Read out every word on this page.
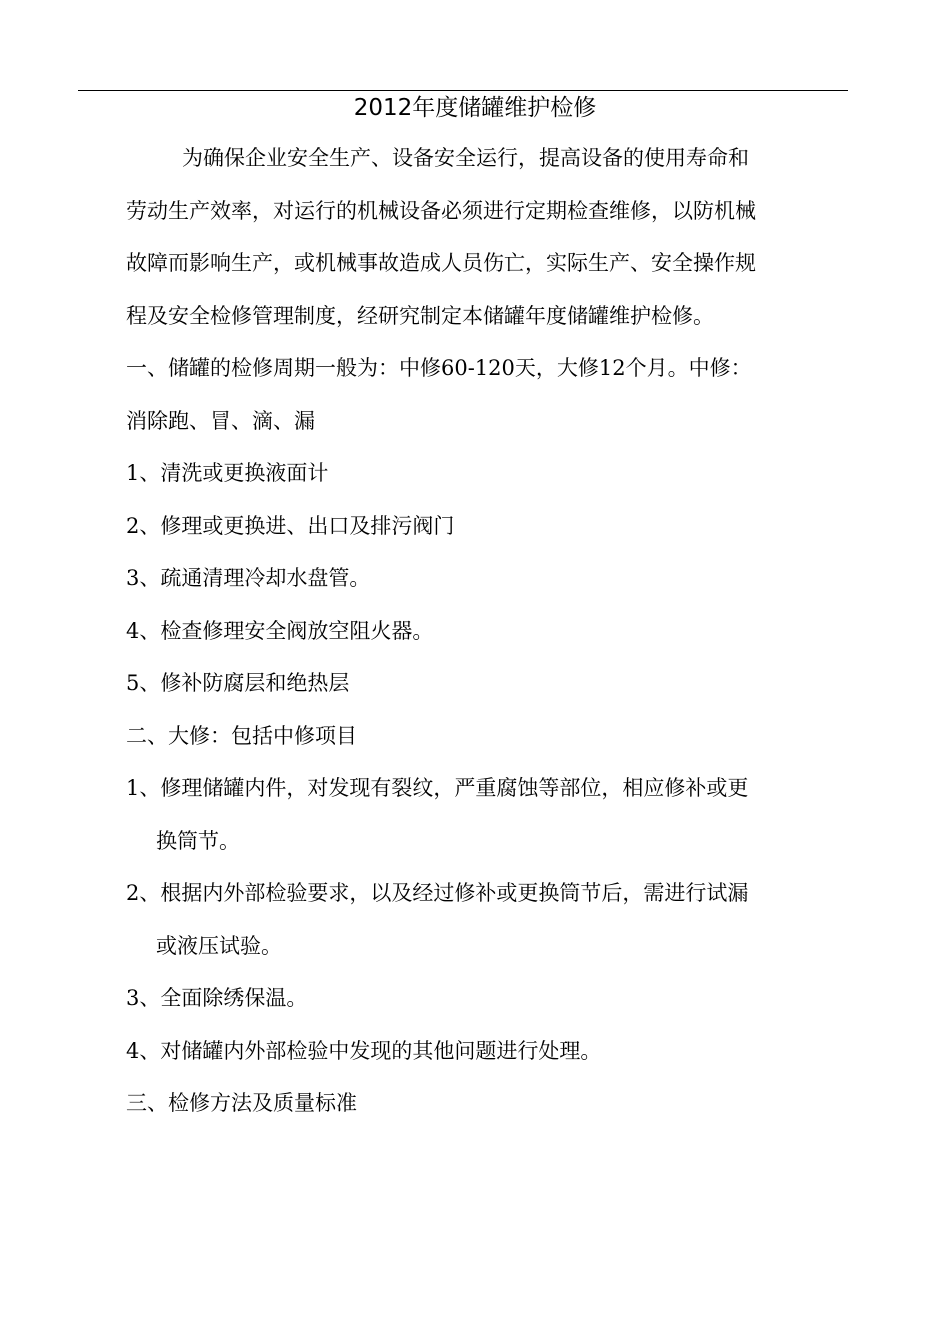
2012年度储罐维护检修
为确保企业安全生产、设备安全运行，提高设备的使用寿命和
劳动生产效率，对运行的机械设备必须进行定期检查维修，以防机械
故障而影响生产，或机械事故造成人员伤亡，实际生产、安全操作规
程及安全检修管理制度，经研究制定本储罐年度储罐维护检修。
一、储罐的检修周期一般为：中修60-120天，大修12个月。中修：
消除跑、冒、滴、漏
1、清洗或更换液面计
2、修理或更换进、出口及排污阀门
3、疏通清理冷却水盘管。
4、检查修理安全阀放空阻火器。
5、修补防腐层和绝热层
二、大修：包括中修项目
1、修理储罐内件，对发现有裂纹，严重腐蚀等部位，相应修补或更
换筒节。
2、根据内外部检验要求，以及经过修补或更换筒节后，需进行试漏
或液压试验。
3、全面除绣保温。
4、对储罐内外部检验中发现的其他问题进行处理。
三、检修方法及质量标准
